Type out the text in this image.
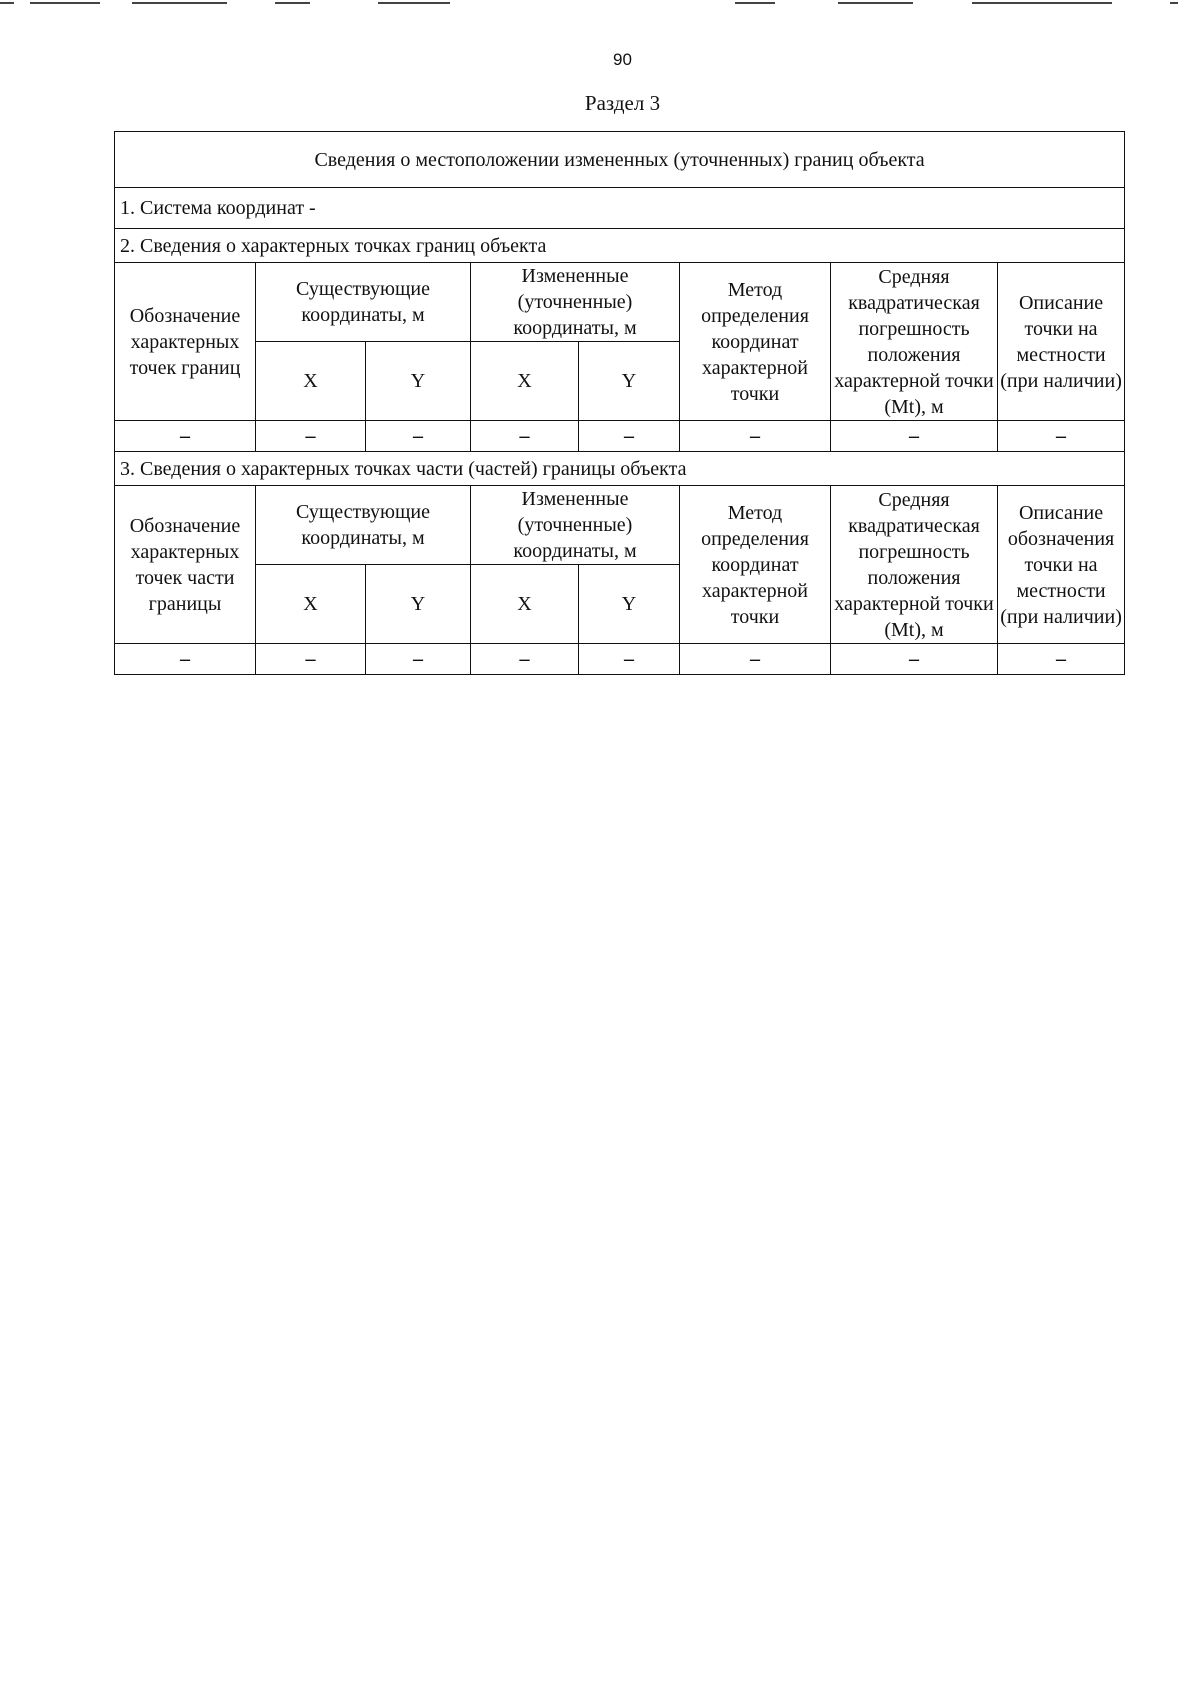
90
Раздел 3
Сведения о местоположении измененных (уточненных) границ объекта							
1. Система координат -							
2. Сведения о характерных точках границ объекта							
Обозначение характерных точек границ	Существующие координаты, м		Измененные (уточненные) координаты, м		Метод определения координат характерной точки	Средняя квадратическая погрешность положения характерной точки (Mt), м	Описание точки на местности (при наличии)
	X	Y	X	Y			
–	–	–	–	–	–	–	–
3. Сведения о характерных точках части (частей) границы объекта							
Обозначение характерных точек части границы	Существующие координаты, м		Измененные (уточненные) координаты, м		Метод определения координат характерной точки	Средняя квадратическая погрешность положения характерной точки (Mt), м	Описание обозначения точки на местности (при наличии)
	X	Y	X	Y			
–	–	–	–	–	–	–	–
